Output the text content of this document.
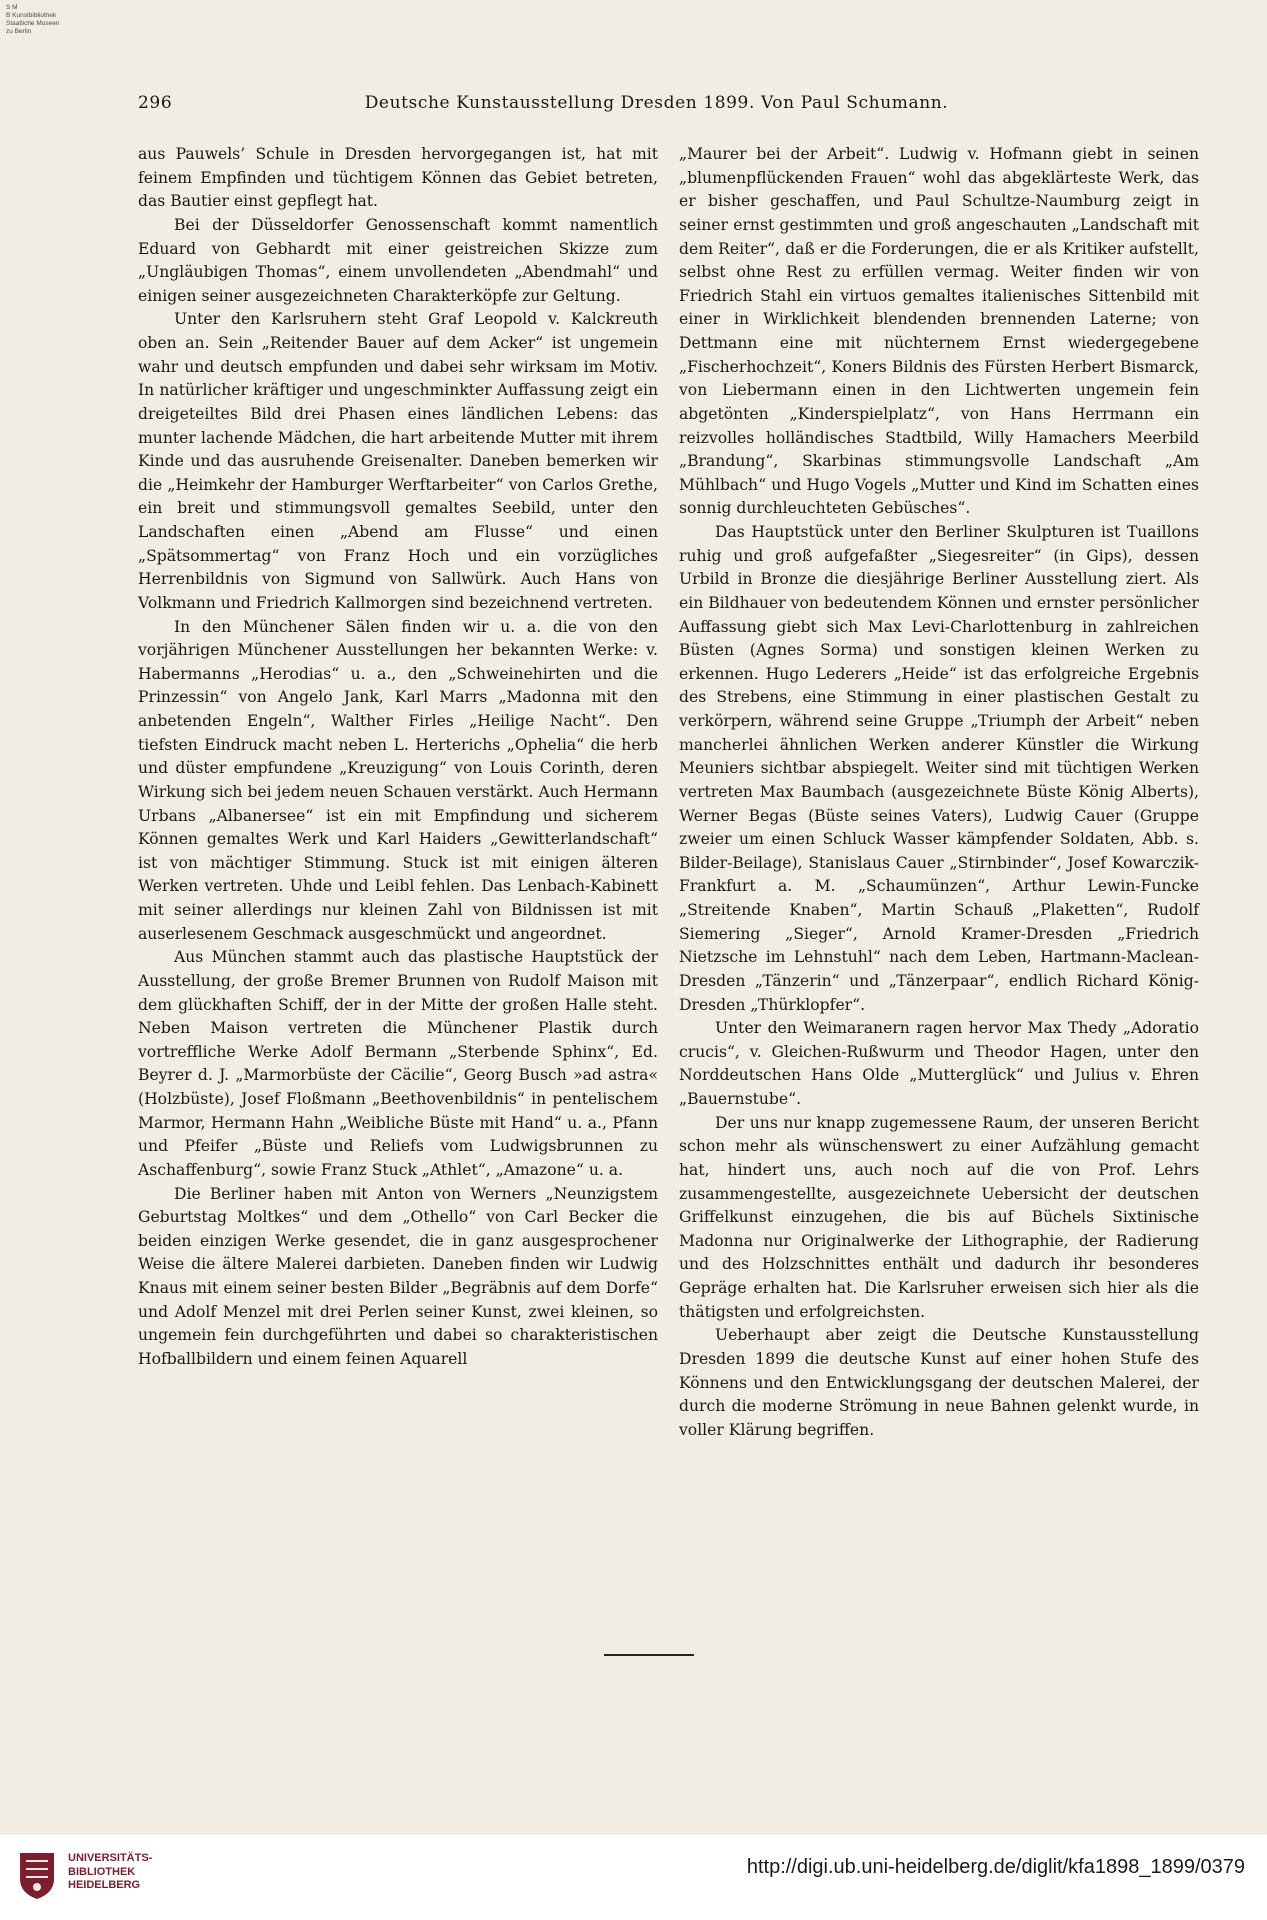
S M
B Kunstbibliothek
Staatliche Museen
zu Berlin
296	Deutsche Kunstausstellung Dresden 1899. Von Paul Schumann.

aus Pauwels’ Schule in Dresden hervorgegangen ist, hat mit feinem Empfinden und tüchtigem Können das Gebiet betreten, das Bautier einst gepflegt hat.

Bei der Düsseldorfer Genossenschaft kommt namentlich Eduard von Gebhardt mit einer geistreichen Skizze zum „Ungläubigen Thomas“, einem unvollendeten „Abendmahl“ und einigen seiner ausgezeichneten Charakterköpfe zur Geltung.

Unter den Karlsruhern steht Graf Leopold v. Kalckreuth oben an. Sein „Reitender Bauer auf dem Acker“ ist ungemein wahr und deutsch empfunden und dabei sehr wirksam im Motiv. In natürlicher kräftiger und ungeschminkter Auffassung zeigt ein dreigeteiltes Bild drei Phasen eines ländlichen Lebens: das munter lachende Mädchen, die hart arbeitende Mutter mit ihrem Kinde und das ausruhende Greisenalter. Daneben bemerken wir die „Heimkehr der Hamburger Werftarbeiter“ von Carlos Grethe, ein breit und stimmungsvoll gemaltes Seebild, unter den Landschaften einen „Abend am Flusse“ und einen „Spätsommertag“ von Franz Hoch und ein vorzügliches Herrenbildnis von Sigmund von Sallwürk. Auch Hans von Volkmann und Friedrich Kallmorgen sind bezeichnend vertreten.

In den Münchener Sälen finden wir u. a. die von den vorjährigen Münchener Ausstellungen her bekannten Werke: v. Habermanns „Herodias“ u. a., den „Schweinehirten und die Prinzessin“ von Angelo Jank, Karl Marrs „Madonna mit den anbetenden Engeln“, Walther Firles „Heilige Nacht“. Den tiefsten Eindruck macht neben L. Herterichs „Ophelia“ die herb und düster empfundene „Kreuzigung“ von Louis Corinth, deren Wirkung sich bei jedem neuen Schauen verstärkt. Auch Hermann Urbans „Albanersee“ ist ein mit Empfindung und sicherem Können gemaltes Werk und Karl Haiders „Gewitterlandschaft“ ist von mächtiger Stimmung. Stuck ist mit einigen älteren Werken vertreten. Uhde und Leibl fehlen. Das Lenbach-Kabinett mit seiner allerdings nur kleinen Zahl von Bildnissen ist mit auserlesenem Geschmack ausgeschmückt und angeordnet.

Aus München stammt auch das plastische Hauptstück der Ausstellung, der große Bremer Brunnen von Rudolf Maison mit dem glückhaften Schiff, der in der Mitte der großen Halle steht. Neben Maison vertreten die Münchener Plastik durch vortreffliche Werke Adolf Bermann „Sterbende Sphinx“, Ed. Beyrer d. J. „Marmorbüste der Cäcilie“, Georg Busch »ad astra« (Holzbüste), Josef Floßmann „Beethovenbildnis“ in pentelischem Marmor, Hermann Hahn „Weibliche Büste mit Hand“ u. a., Pfann und Pfeifer „Büste und Reliefs vom Ludwigsbrunnen zu Aschaffenburg“, sowie Franz Stuck „Athlet“, „Amazone“ u. a.

Die Berliner haben mit Anton von Werners „Neunzigstem Geburtstag Moltkes“ und dem „Othello“ von Carl Becker die beiden einzigen Werke gesendet, die in ganz ausgesprochener Weise die ältere Malerei darbieten. Daneben finden wir Ludwig Knaus mit einem seiner besten Bilder „Begräbnis auf dem Dorfe“ und Adolf Menzel mit drei Perlen seiner Kunst, zwei kleinen, so ungemein fein durchgeführten und dabei so charakteristischen Hofballbildern und einem feinen Aquarell

„Maurer bei der Arbeit“. Ludwig v. Hofmann giebt in seinen „blumenpflückenden Frauen“ wohl das abgeklärteste Werk, das er bisher geschaffen, und Paul Schultze-Naumburg zeigt in seiner ernst gestimmten und groß angeschauten „Landschaft mit dem Reiter“, daß er die Forderungen, die er als Kritiker aufstellt, selbst ohne Rest zu erfüllen vermag. Weiter finden wir von Friedrich Stahl ein virtuos gemaltes italienisches Sittenbild mit einer in Wirklichkeit blendenden brennenden Laterne; von Dettmann eine mit nüchternem Ernst wiedergegebene „Fischerhochzeit“, Koners Bildnis des Fürsten Herbert Bismarck, von Liebermann einen in den Lichtwerten ungemein fein abgetönten „Kinderspielplatz“, von Hans Herrmann ein reizvolles holländisches Stadtbild, Willy Hamachers Meerbild „Brandung“, Skarbinas stimmungsvolle Landschaft „Am Mühlbach“ und Hugo Vogels „Mutter und Kind im Schatten eines sonnig durchleuchteten Gebüsches“.

Das Hauptstück unter den Berliner Skulpturen ist Tuaillons ruhig und groß aufgefaßter „Siegesreiter“ (in Gips), dessen Urbild in Bronze die diesjährige Berliner Ausstellung ziert. Als ein Bildhauer von bedeutendem Können und ernster persönlicher Auffassung giebt sich Max Levi-Charlottenburg in zahlreichen Büsten (Agnes Sorma) und sonstigen kleinen Werken zu erkennen. Hugo Lederers „Heide“ ist das erfolgreiche Ergebnis des Strebens, eine Stimmung in einer plastischen Gestalt zu verkörpern, während seine Gruppe „Triumph der Arbeit“ neben mancherlei ähnlichen Werken anderer Künstler die Wirkung Meuniers sichtbar abspiegelt. Weiter sind mit tüchtigen Werken vertreten Max Baumbach (ausgezeichnete Büste König Alberts), Werner Begas (Büste seines Vaters), Ludwig Cauer (Gruppe zweier um einen Schluck Wasser kämpfender Soldaten, Abb. s. Bilder-Beilage), Stanislaus Cauer „Stirnbinder“, Josef Kowarczik-Frankfurt a. M. „Schaumünzen“, Arthur Lewin-Funcke „Streitende Knaben“, Martin Schauß „Plaketten“, Rudolf Siemering „Sieger“, Arnold Kramer-Dresden „Friedrich Nietzsche im Lehnstuhl“ nach dem Leben, Hartmann-Maclean-Dresden „Tänzerin“ und „Tänzerpaar“, endlich Richard König-Dresden „Thürklopfer“.

Unter den Weimaranern ragen hervor Max Thedy „Adoratio crucis“, v. Gleichen-Rußwurm und Theodor Hagen, unter den Norddeutschen Hans Olde „Mutterglück“ und Julius v. Ehren „Bauernstube“.

Der uns nur knapp zugemessene Raum, der unseren Bericht schon mehr als wünschenswert zu einer Aufzählung gemacht hat, hindert uns, auch noch auf die von Prof. Lehrs zusammengestellte, ausgezeichnete Uebersicht der deutschen Griffelkunst einzugehen, die bis auf Büchels Sixtinische Madonna nur Originalwerke der Lithographie, der Radierung und des Holzschnittes enthält und dadurch ihr besonderes Gepräge erhalten hat. Die Karlsruher erweisen sich hier als die thätigsten und erfolgreichsten.

Ueberhaupt aber zeigt die Deutsche Kunstausstellung Dresden 1899 die deutsche Kunst auf einer hohen Stufe des Könnens und den Entwicklungsgang der deutschen Malerei, der durch die moderne Strömung in neue Bahnen gelenkt wurde, in voller Klärung begriffen.

UNIVERSITÄTS-
BIBLIOTHEK
HEIDELBERG
http://digi.ub.uni-heidelberg.de/diglit/kfa1898_1899/0379
